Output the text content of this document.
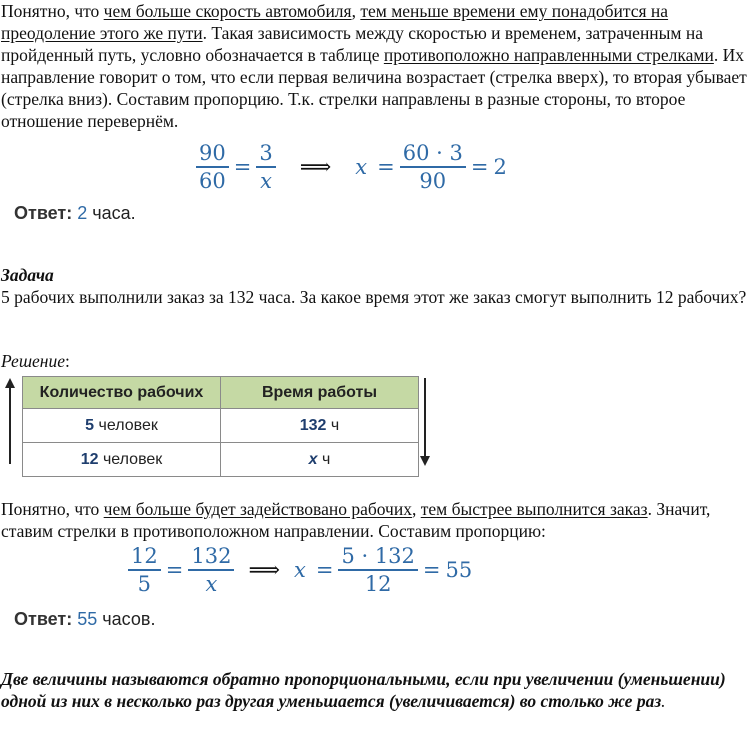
Понятно, что чем больше скорость автомобиля, тем меньше времени ему понадобится на преодоление этого же пути. Такая зависимость между скоростью и временем, затраченным на пройденный путь, условно обозначается в таблице противоположно направленными стрелками. Их направление говорит о том, что если первая величина возрастает (стрелка вверх), то вторая убывает (стрелка вниз). Составим пропорцию. Т.к. стрелки направлены в разные стороны, то второе отношение перевернём.
$\frac{90}{60} = \frac{3}{x}$ ⟹ $x = \frac{60 \cdot 3}{90} = 2$
Ответ: 2 часа.
Задача
5 рабочих выполнили заказ за 132 часа. За какое время этот же заказ смогут выполнить 12 рабочих?
Решение:
Количество рабочих	Время работы
5 человек	132 ч
12 человек	x ч
Понятно, что чем больше будет задействовано рабочих, тем быстрее выполнится заказ. Значит, ставим стрелки в противоположном направлении. Составим пропорцию:
$\frac{12}{5} = \frac{132}{x}$ ⟹ $x = \frac{5 \cdot 132}{12} = 55$
Ответ: 55 часов.
Две величины называются обратно пропорциональными, если при увеличении (уменьшении) одной из них в несколько раз другая уменьшается (увеличивается) во столько же раз.
